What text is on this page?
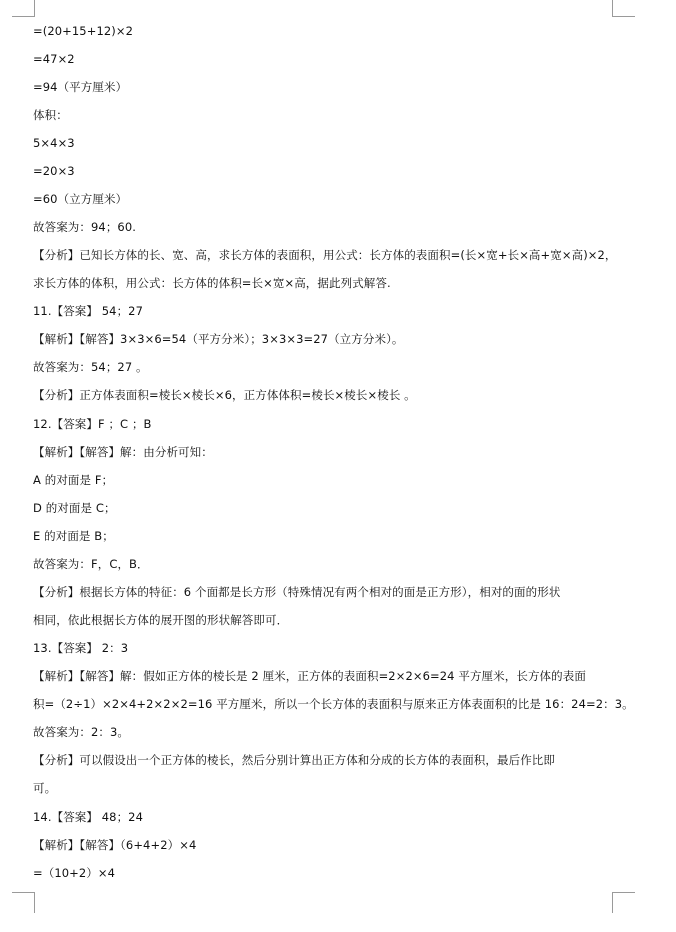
=(20+15+12)×2
=47×2
=94（平方厘米）
体积：
5×4×3
=20×3
=60（立方厘米）
故答案为：94；60.
【分析】已知长方体的长、宽、高，求长方体的表面积，用公式：长方体的表面积=(长×宽+长×高+宽×高)×2，
求长方体的体积，用公式：长方体的体积=长×宽×高，据此列式解答.
11.【答案】 54；27
【解析】【解答】3×3×6=54（平方分米）；3×3×3=27（立方分米）。
故答案为：54；27 。
【分析】正方体表面积=棱长×棱长×6，正方体体积=棱长×棱长×棱长 。
12.【答案】F ；C ；B
【解析】【解答】解：由分析可知：
A 的对面是 F；
D 的对面是 C；
E 的对面是 B；
故答案为：F，C，B．
【分析】根据长方体的特征：6 个面都是长方形（特殊情况有两个相对的面是正方形），相对的面的形状
相同，依此根据长方体的展开图的形状解答即可．
13.【答案】 2：3
【解析】【解答】解：假如正方体的棱长是 2 厘米，正方体的表面积=2×2×6=24 平方厘米，长方体的表面
积=（2÷1）×2×4+2×2×2=16 平方厘米，所以一个长方体的表面积与原来正方体表面积的比是 16：24=2：3。
故答案为：2：3。
【分析】可以假设出一个正方体的棱长，然后分别计算出正方体和分成的长方体的表面积，最后作比即
可。
14.【答案】 48；24
【解析】【解答】（6+4+2）×4
=（10+2）×4
